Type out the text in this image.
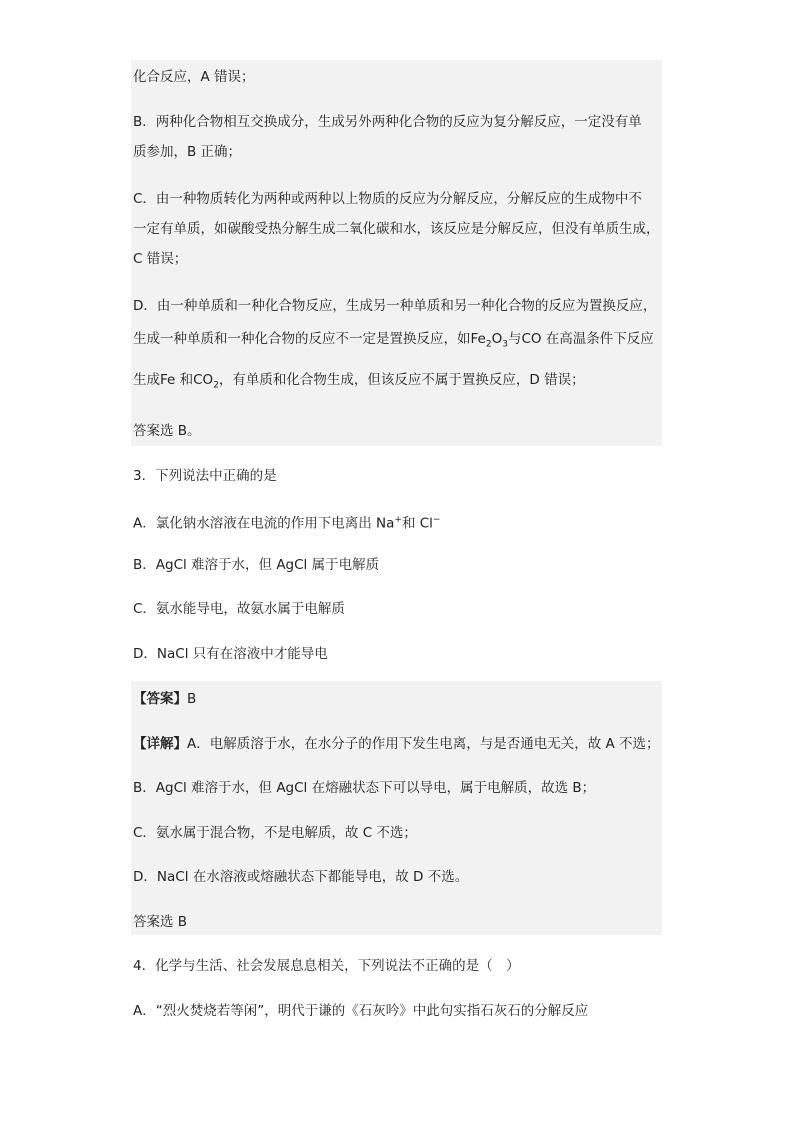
化合反应，A 错误；
B．两种化合物相互交换成分，生成另外两种化合物的反应为复分解反应，一定没有单
质参加，B 正确；
C．由一种物质转化为两种或两种以上物质的反应为分解反应，分解反应的生成物中不
一定有单质，如碳酸受热分解生成二氧化碳和水，该反应是分解反应，但没有单质生成，
C 错误；
D．由一种单质和一种化合物反应，生成另一种单质和另一种化合物的反应为置换反应，
生成一种单质和一种化合物的反应不一定是置换反应，如$Fe_2O_3$与CO 在高温条件下反应
生成Fe 和$CO_2$，有单质和化合物生成，但该反应不属于置换反应，D 错误；
答案选 B。
3．下列说法中正确的是
A．氯化钠水溶液在电流的作用下电离出 Na+和 Cl−
B．AgCl 难溶于水，但 AgCl 属于电解质
C．氨水能导电，故氨水属于电解质
D．NaCl 只有在溶液中才能导电
【答案】B
【详解】A．电解质溶于水，在水分子的作用下发生电离，与是否通电无关，故 A 不选；
B．AgCl 难溶于水，但 AgCl 在熔融状态下可以导电，属于电解质，故选 B；
C．氨水属于混合物，不是电解质，故 C 不选；
D．NaCl 在水溶液或熔融状态下都能导电，故 D 不选。
答案选 B
4．化学与生活、社会发展息息相关，下列说法不正确的是（　）
A．“烈火焚烧若等闲”，明代于谦的《石灰吟》中此句实指石灰石的分解反应
